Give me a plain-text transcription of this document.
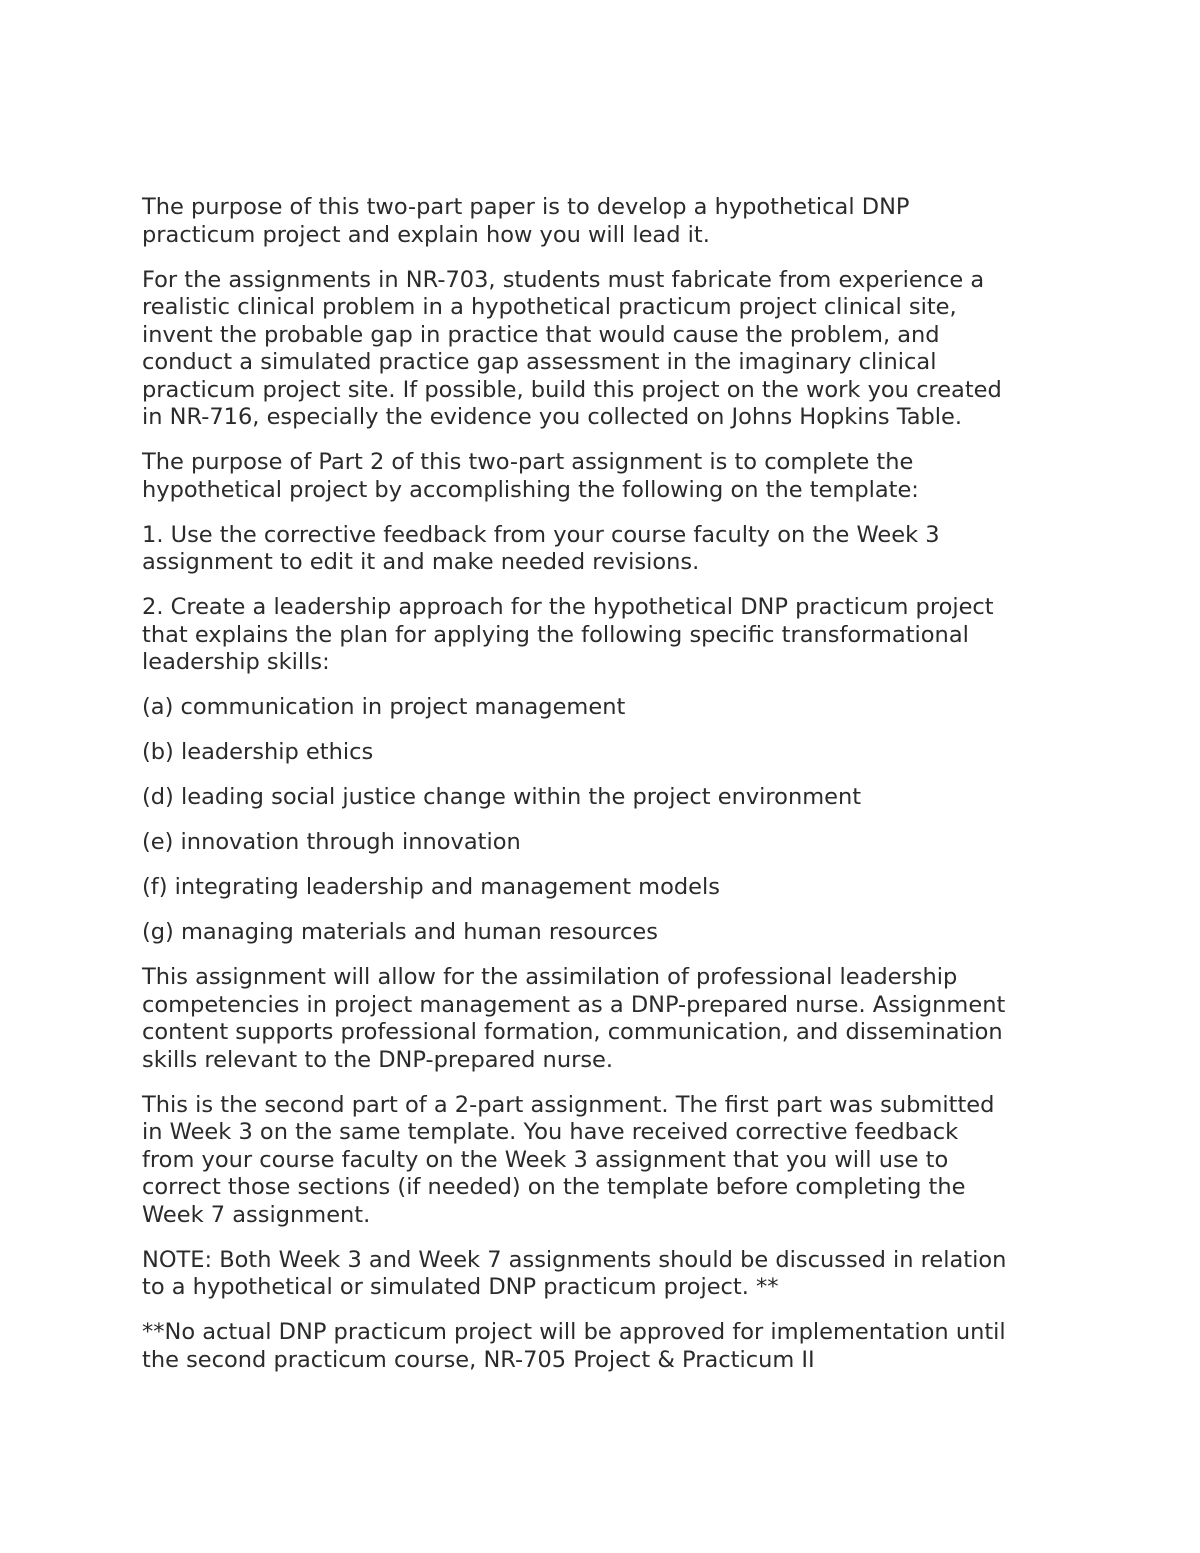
The purpose of this two-part paper is to develop a hypothetical DNP
practicum project and explain how you will lead it.

For the assignments in NR-703, students must fabricate from experience a
realistic clinical problem in a hypothetical practicum project clinical site,
invent the probable gap in practice that would cause the problem, and
conduct a simulated practice gap assessment in the imaginary clinical
practicum project site. If possible, build this project on the work you created
in NR-716, especially the evidence you collected on Johns Hopkins Table.

The purpose of Part 2 of this two-part assignment is to complete the
hypothetical project by accomplishing the following on the template:

1. Use the corrective feedback from your course faculty on the Week 3
assignment to edit it and make needed revisions.

2. Create a leadership approach for the hypothetical DNP practicum project
that explains the plan for applying the following specific transformational
leadership skills:

(a) communication in project management

(b) leadership ethics

(d) leading social justice change within the project environment

(e) innovation through innovation

(f) integrating leadership and management models

(g) managing materials and human resources

This assignment will allow for the assimilation of professional leadership
competencies in project management as a DNP-prepared nurse. Assignment
content supports professional formation, communication, and dissemination
skills relevant to the DNP-prepared nurse.

This is the second part of a 2-part assignment. The first part was submitted
in Week 3 on the same template. You have received corrective feedback
from your course faculty on the Week 3 assignment that you will use to
correct those sections (if needed) on the template before completing the
Week 7 assignment.

NOTE: Both Week 3 and Week 7 assignments should be discussed in relation
to a hypothetical or simulated DNP practicum project. **

**No actual DNP practicum project will be approved for implementation until
the second practicum course, NR-705 Project & Practicum II
